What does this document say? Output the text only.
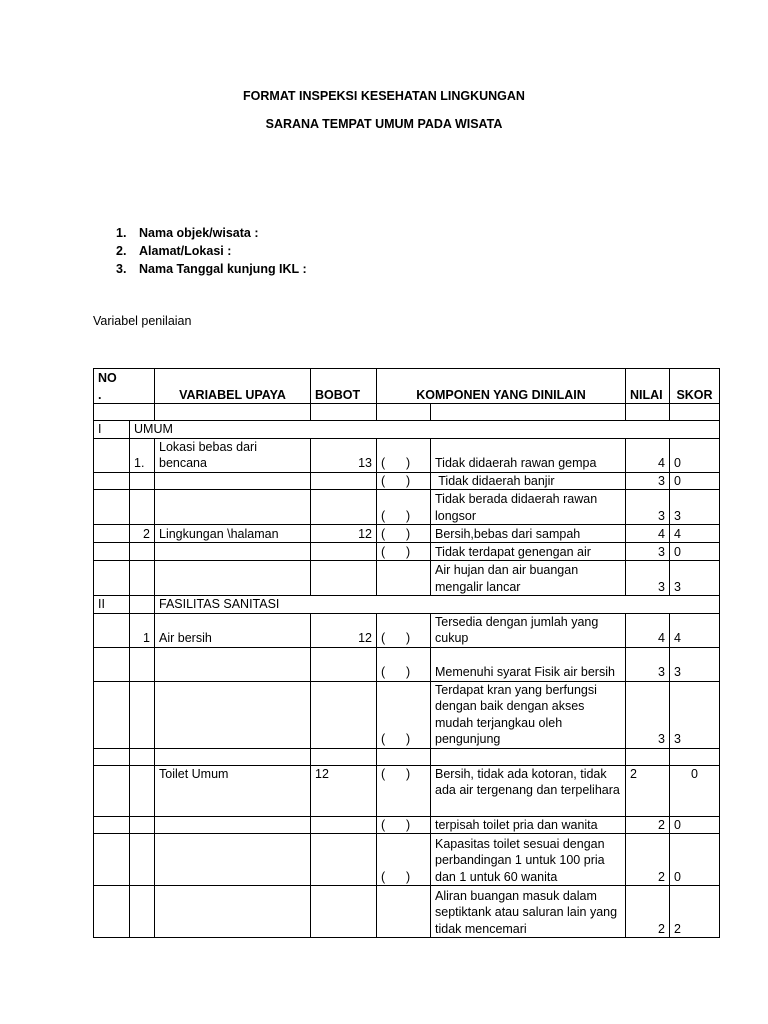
FORMAT INSPEKSI KESEHATAN LINGKUNGAN
SARANA TEMPAT UMUM PADA WISATA
1. Nama objek/wisata :
2. Alamat/Lokasi :
3. Nama Tanggal kunjung IKL :
Variabel penilaian
NO
.		VARIABEL UPAYA	BOBOT	KOMPONEN YANG DINILAIN		NILAI	SKOR

I	UMUM						
	1.	Lokasi bebas dari bencana	13	(      )	Tidak didaerah rawan gempa	4	0
				(      )	Tidak didaerah banjir	3	0
				(      )	Tidak berada didaerah rawan longsor	3	3
	2	Lingkungan \halaman	12	(      )	Bersih,bebas dari sampah	4	4
				(      )	Tidak terdapat genengan air	3	0
					Air hujan dan air buangan mengalir lancar	3	3
II		FASILITAS SANITASI					
	1	Air bersih	12	(      )	Tersedia dengan jumlah yang cukup	4	4
				(      )	Memenuhi syarat Fisik air bersih	3	3
				(      )	Terdapat kran yang berfungsi dengan baik dengan akses mudah terjangkau oleh pengunjung	3	3

		Toilet Umum	12	(      )	Bersih, tidak ada kotoran, tidak ada air tergenang dan terpelihara	2	0
				(      )	terpisah toilet pria dan wanita	2	0
				(      )	Kapasitas toilet sesuai dengan perbandingan 1 untuk 100 pria dan 1 untuk 60 wanita	2	0
					Aliran buangan masuk dalam septiktank atau saluran lain yang tidak mencemari	2	2
